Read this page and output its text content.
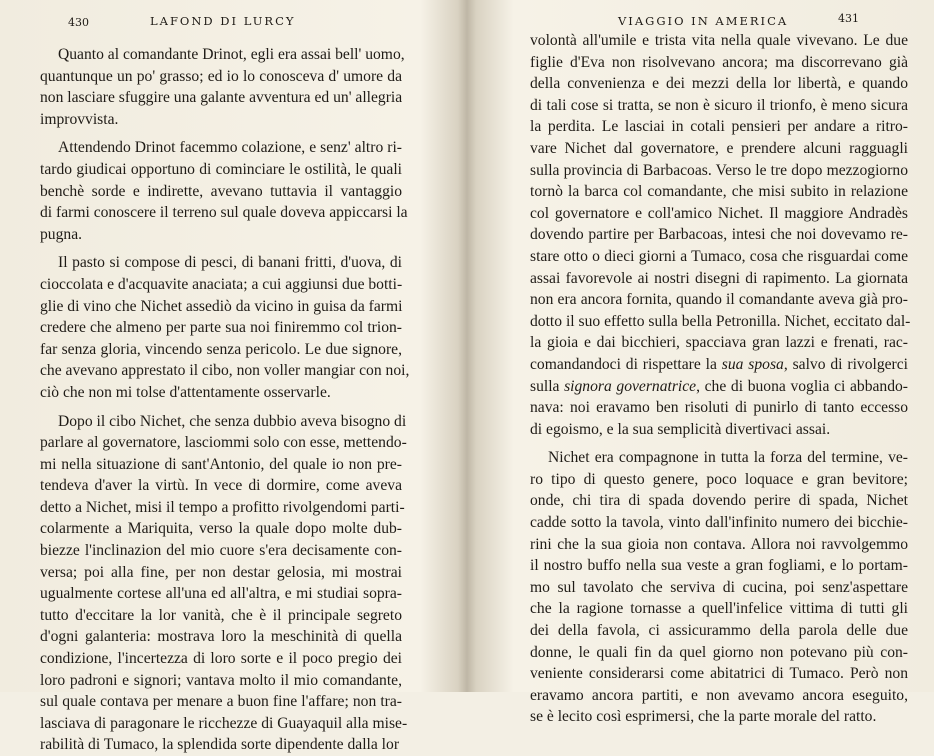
430	LAFOND DI LURCY

Quanto al comandante Drinot, egli era assai bell' uomo,
quantunque un po' grasso; ed io lo conosceva d' umore da
non lasciare sfuggire una galante avventura ed un' allegria
improvvista.

Attendendo Drinot facemmo colazione, e senz' altro ri-
tardo giudicai opportuno di cominciare le ostilità, le quali
benchè sorde e indirette, avevano tuttavia il vantaggio
di farmi conoscere il terreno sul quale doveva appiccarsi la
pugna.

Il pasto si compose di pesci, di banani fritti, d'uova, di
cioccolata e d'acquavite anaciata; a cui aggiunsi due botti-
glie di vino che Nichet assediò da vicino in guisa da farmi
credere che almeno per parte sua noi finiremmo col trion-
far senza gloria, vincendo senza pericolo. Le due signore,
che avevano apprestato il cibo, non voller mangiar con noi,
ciò che non mi tolse d'attentamente osservarle.

Dopo il cibo Nichet, che senza dubbio aveva bisogno di
parlare al governatore, lasciommi solo con esse, mettendo-
mi nella situazione di sant'Antonio, del quale io non pre-
tendeva d'aver la virtù. In vece di dormire, come aveva
detto a Nichet, misi il tempo a profitto rivolgendomi parti-
colarmente a Mariquita, verso la quale dopo molte dub-
biezze l'inclinazion del mio cuore s'era decisamente con-
versa; poi alla fine, per non destar gelosia, mi mostrai
ugualmente cortese all'una ed all'altra, e mi studiai sopra-
tutto d'eccitare la lor vanità, che è il principale segreto
d'ogni galanteria: mostrava loro la meschinità di quella
condizione, l'incertezza di loro sorte e il poco pregio dei
loro padroni e signori; vantava molto il mio comandante,
sul quale contava per menare a buon fine l'affare; non tra-
lasciava di paragonare le ricchezze di Guayaquil alla mise-
rabilità di Tumaco, la splendida sorte dipendente dalla lor

VIAGGIO IN AMERICA	431

volontà all'umile e trista vita nella quale vivevano. Le due
figlie d'Eva non risolvevano ancora; ma discorrevano già
della convenienza e dei mezzi della lor libertà, e quando
di tali cose si tratta, se non è sicuro il trionfo, è meno sicura
la perdita. Le lasciai in cotali pensieri per andare a ritro-
vare Nichet dal governatore, e prendere alcuni ragguagli
sulla provincia di Barbacoas. Verso le tre dopo mezzogiorno
tornò la barca col comandante, che misi subito in relazione
col governatore e coll'amico Nichet. Il maggiore Andradès
dovendo partire per Barbacoas, intesi che noi dovevamo re-
stare otto o dieci giorni a Tumaco, cosa che risguardai come
assai favorevole ai nostri disegni di rapimento. La giornata
non era ancora fornita, quando il comandante aveva già pro-
dotto il suo effetto sulla bella Petronilla. Nichet, eccitato dal-
la gioia e dai bicchieri, spacciava gran lazzi e frenati, rac-
comandandoci di rispettare la sua sposa, salvo di rivolgerci
sulla signora governatrice, che di buona voglia ci abbando-
nava: noi eravamo ben risoluti di punirlo di tanto eccesso
di egoismo, e la sua semplicità divertivaci assai.

Nichet era compagnone in tutta la forza del termine, ve-
ro tipo di questo genere, poco loquace e gran bevitore;
onde, chi tira di spada dovendo perire di spada, Nichet
cadde sotto la tavola, vinto dall'infinito numero dei bicchie-
rini che la sua gioia non contava. Allora noi ravvolgemmo
il nostro buffo nella sua veste a gran fogliami, e lo portam-
mo sul tavolato che serviva di cucina, poi senz'aspettare
che la ragione tornasse a quell'infelice vittima di tutti gli
dei della favola, ci assicurammo della parola delle due
donne, le quali fin da quel giorno non potevano più con-
veniente considerarsi come abitatrici di Tumaco. Però non
eravamo ancora partiti, e non avevamo ancora eseguito,
se è lecito così esprimersi, che la parte morale del ratto.
